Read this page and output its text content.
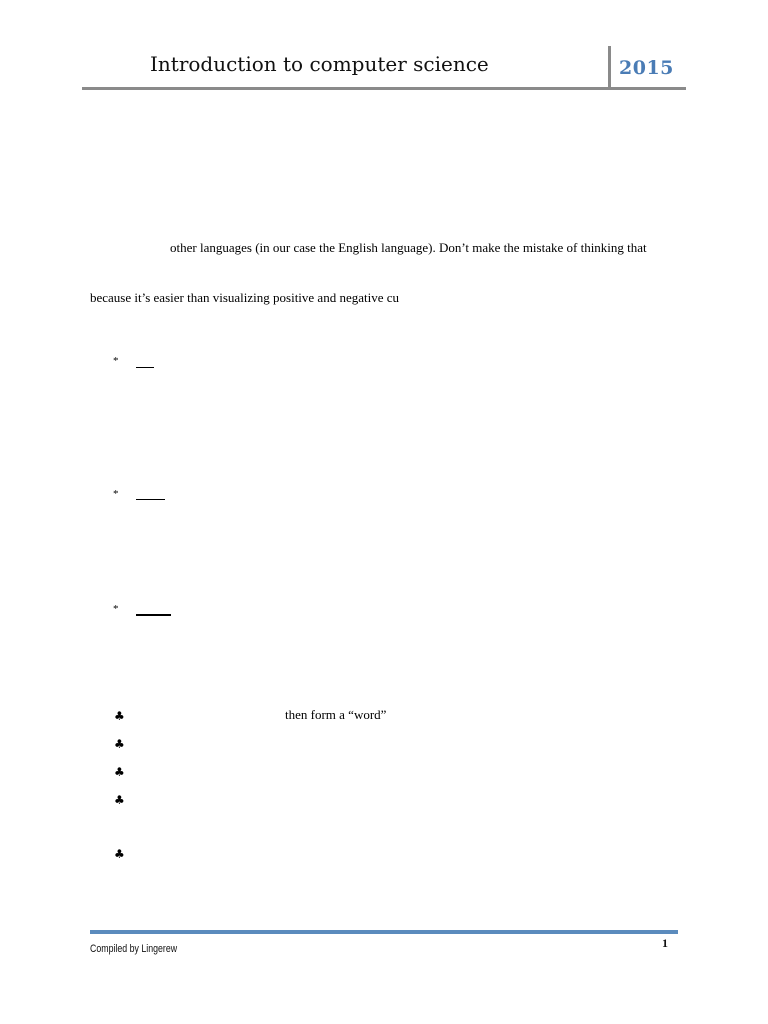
Introduction to computer science	2015
other languages (in our case the English language). Don’t make the mistake of thinking that
because it’s easier than visualizing positive and negative cu
*
*
*
♣	then form a “word”
♣
♣
♣
♣
Compiled by Lingerew	1
